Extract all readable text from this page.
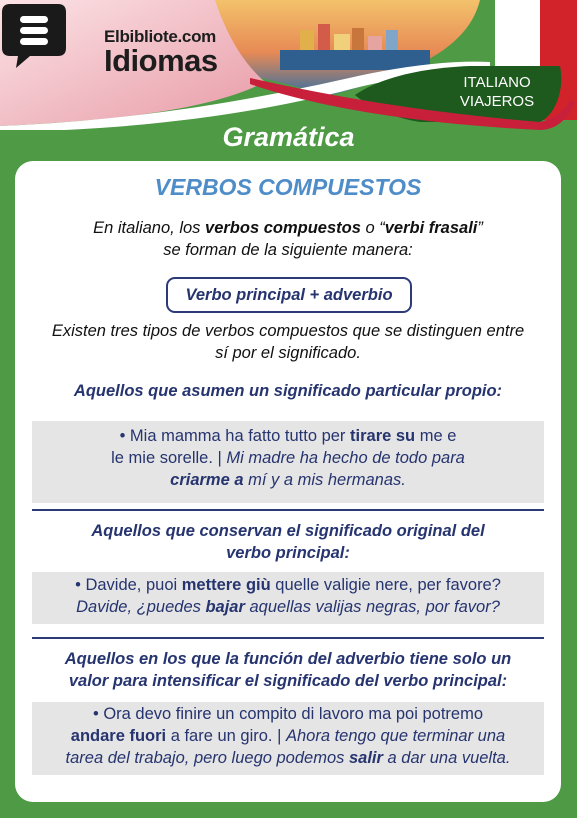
Elbibliote.com
Idiomas
ITALIANO
VIAJEROS
Gramática
VERBOS COMPUESTOS
En italiano, los verbos compuestos o “verbi frasali”
se forman de la siguiente manera:
Verbo principal + adverbio
Existen tres tipos de verbos compuestos que se distinguen entre
sí por el significado.
Aquellos que asumen un significado particular propio:
• Mia mamma ha fatto tutto per tirare su me e
le mie sorelle. | Mi madre ha hecho de todo para
criarme a mí y a mis hermanas.
Aquellos que conservan el significado original del
verbo principal:
• Davide, puoi mettere giù quelle valigie nere, per favore?
Davide, ¿puedes bajar aquellas valijas negras, por favor?
Aquellos en los que la función del adverbio tiene solo un
valor para intensificar el significado del verbo principal:
• Ora devo finire un compito di lavoro ma poi potremo
andare fuori a fare un giro. | Ahora tengo que terminar una
tarea del trabajo, pero luego podemos salir a dar una vuelta.
